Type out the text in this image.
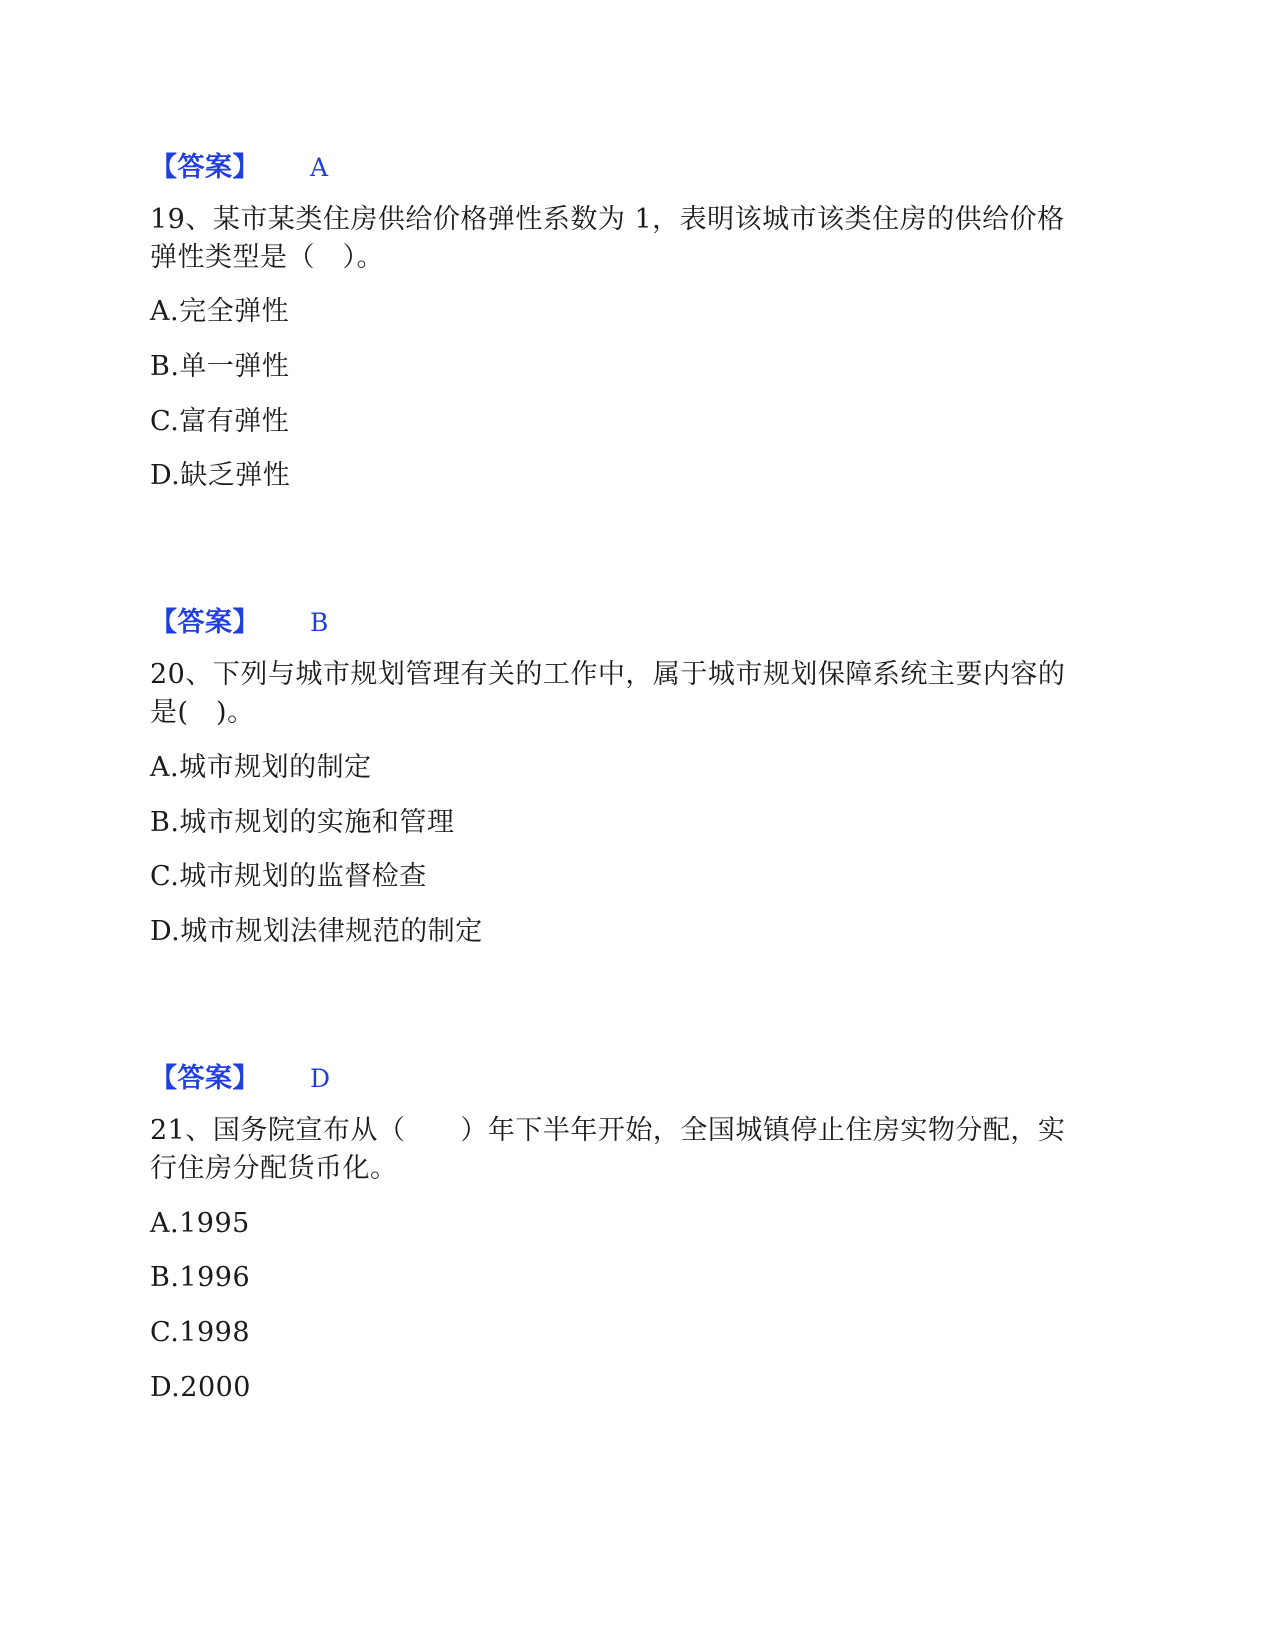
【答案】 A
19、某市某类住房供给价格弹性系数为 1，表明该城市该类住房的供给价格
弹性类型是（　）。
A.完全弹性
B.单一弹性
C.富有弹性
D.缺乏弹性
【答案】 B
20、下列与城市规划管理有关的工作中，属于城市规划保障系统主要内容的
是(　)。
A.城市规划的制定
B.城市规划的实施和管理
C.城市规划的监督检查
D.城市规划法律规范的制定
【答案】 D
21、国务院宣布从（　　）年下半年开始，全国城镇停止住房实物分配，实
行住房分配货币化。
A.1995
B.1996
C.1998
D.2000
